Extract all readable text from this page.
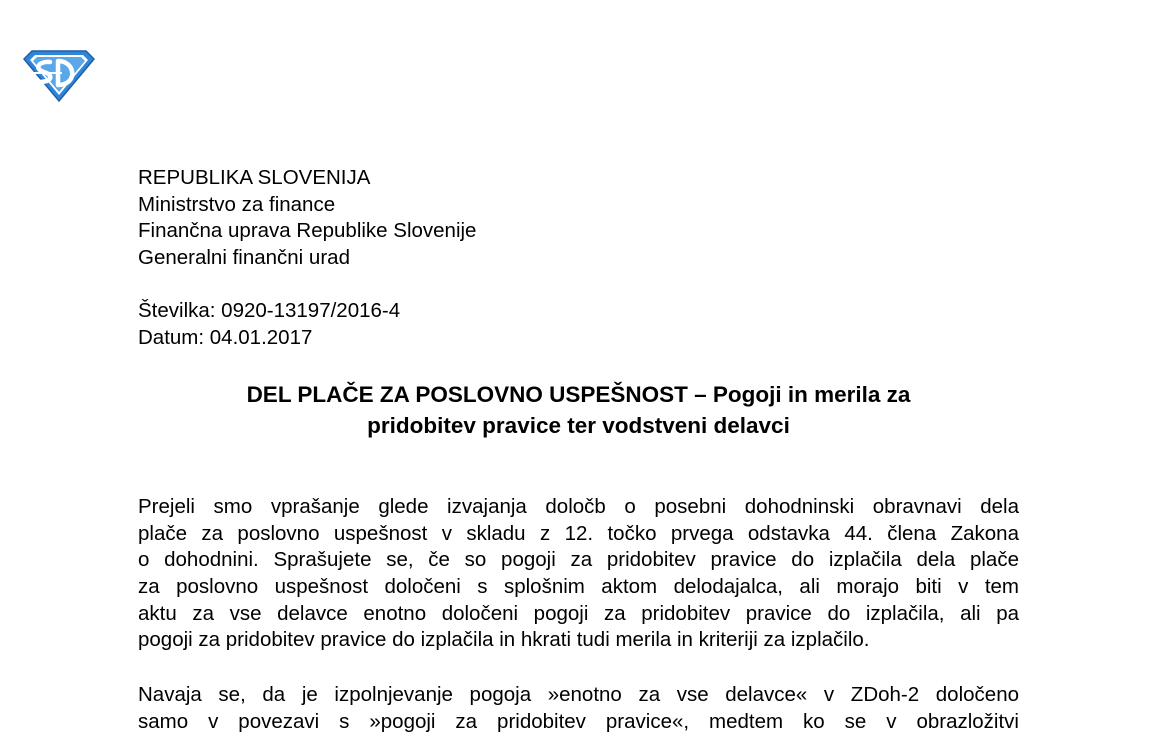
REPUBLIKA SLOVENIJA
Ministrstvo za finance
Finančna uprava Republike Slovenije
Generalni finančni urad
Številka: 0920-13197/2016-4
Datum: 04.01.2017
DEL PLAČE ZA POSLOVNO USPEŠNOST – Pogoji in merila za
pridobitev pravice ter vodstveni delavci
Prejeli smo vprašanje glede izvajanja določb o posebni dohodninski obravnavi dela
plače za poslovno uspešnost v skladu z 12. točko prvega odstavka 44. člena Zakona
o dohodnini. Sprašujete se, če so pogoji za pridobitev pravice do izplačila dela plače
za poslovno uspešnost določeni s splošnim aktom delodajalca, ali morajo biti v tem
aktu za vse delavce enotno določeni pogoji za pridobitev pravice do izplačila, ali pa
pogoji za pridobitev pravice do izplačila in hkrati tudi merila in kriteriji za izplačilo.
Navaja se, da je izpolnjevanje pogoja »enotno za vse delavce« v ZDoh-2 določeno
samo v povezavi s »pogoji za pridobitev pravice«, medtem ko se v obrazložitvi
